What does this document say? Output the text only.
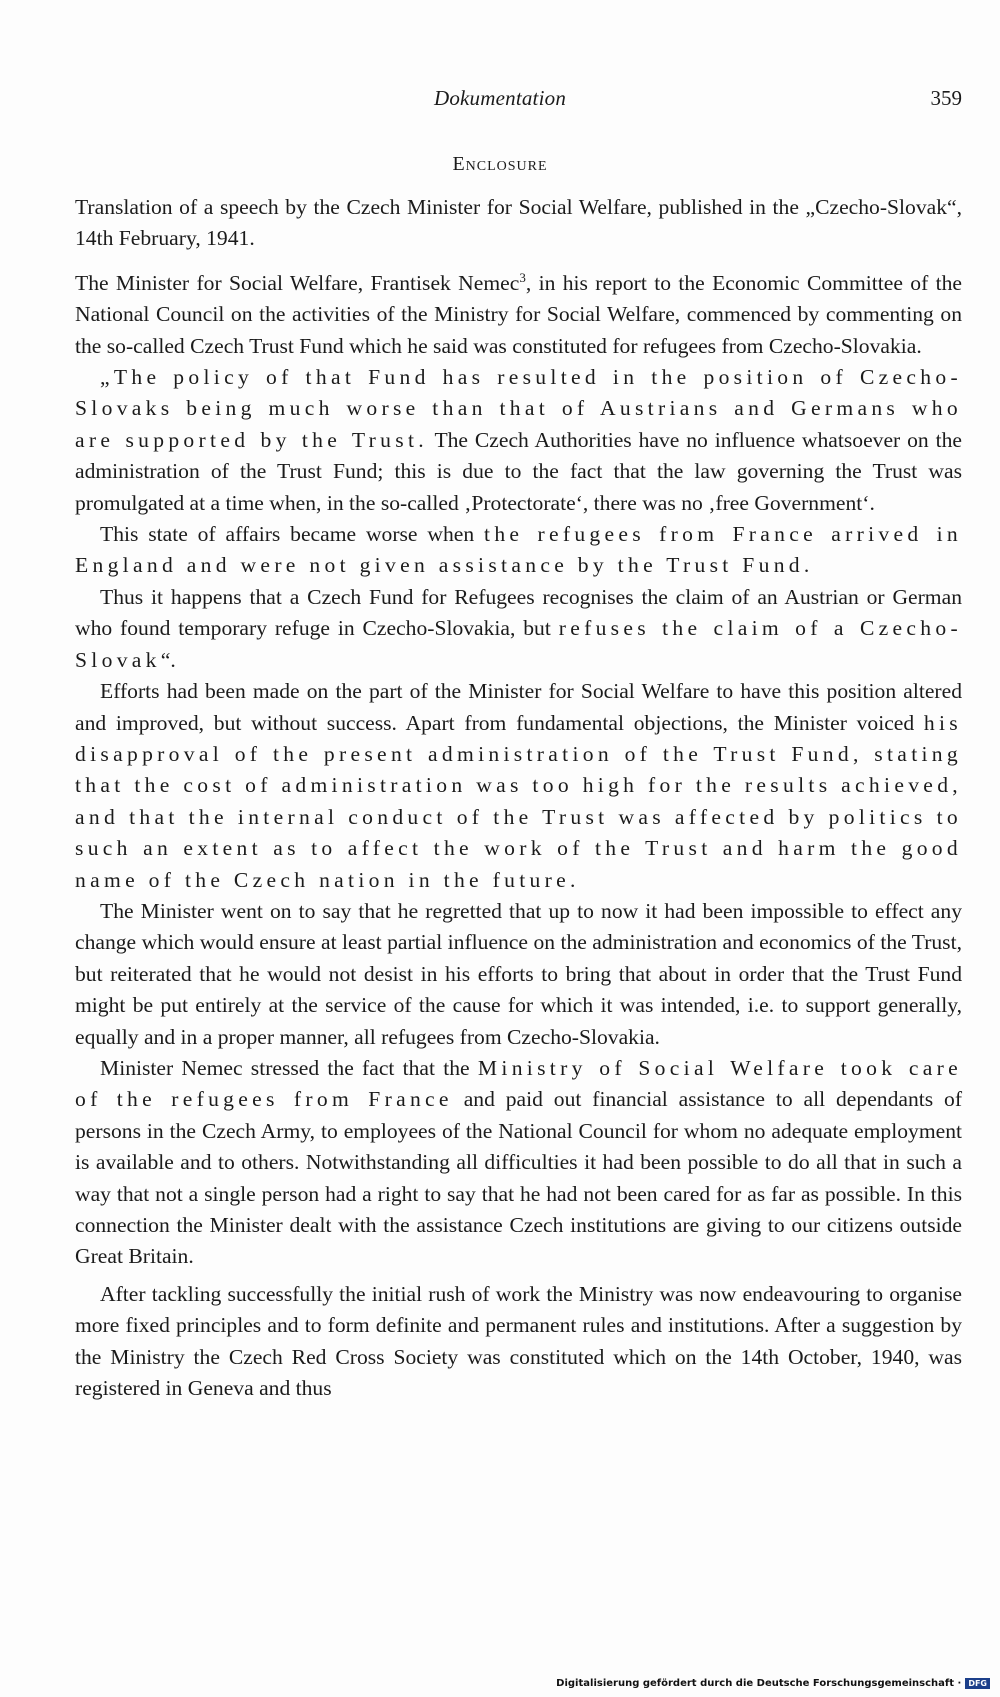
Dokumentation	359
Enclosure

Translation of a speech by the Czech Minister for Social Welfare, published in the „Czecho-Slovak“, 14th February, 1941.

The Minister for Social Welfare, Frantisek Nemec$^3$, in his report to the Economic Committee of the National Council on the activities of the Ministry for Social Welfare, commenced by commenting on the so-called Czech Trust Fund which he said was constituted for refugees from Czecho-Slovakia.

„The policy of that Fund has resulted in the position of Czecho-Slovaks being much worse than that of Austrians and Germans who are supported by the Trust. The Czech Authorities have no influence whatsoever on the administration of the Trust Fund; this is due to the fact that the law governing the Trust was promulgated at a time when, in the so-called ‚Protectorate‘, there was no ‚free Government‘.

This state of affairs became worse when the refugees from France arrived in England and were not given assistance by the Trust Fund.

Thus it happens that a Czech Fund for Refugees recognises the claim of an Austrian or German who found temporary refuge in Czecho-Slovakia, but refuses the claim of a Czecho-Slovak“.

Efforts had been made on the part of the Minister for Social Welfare to have this position altered and improved, but without success. Apart from fundamental objections, the Minister voiced his disapproval of the present administration of the Trust Fund, stating that the cost of administration was too high for the results achieved, and that the internal conduct of the Trust was affected by politics to such an extent as to affect the work of the Trust and harm the good name of the Czech nation in the future.

The Minister went on to say that he regretted that up to now it had been impossible to effect any change which would ensure at least partial influence on the administration and economics of the Trust, but reiterated that he would not desist in his efforts to bring that about in order that the Trust Fund might be put entirely at the service of the cause for which it was intended, i.e. to support generally, equally and in a proper manner, all refugees from Czecho-Slovakia.

Minister Nemec stressed the fact that the Ministry of Social Welfare took care of the refugees from France and paid out financial assistance to all dependants of persons in the Czech Army, to employees of the National Council for whom no adequate employment is available and to others. Notwithstanding all difficulties it had been possible to do all that in such a way that not a single person had a right to say that he had not been cared for as far as possible. In this connection the Minister dealt with the assistance Czech institutions are giving to our citizens outside Great Britain.

After tackling successfully the initial rush of work the Ministry was now endeavouring to organise more fixed principles and to form definite and permanent rules and institutions. After a suggestion by the Ministry the Czech Red Cross Society was constituted which on the 14th October, 1940, was registered in Geneva and thus

Digitalisierung gefördert durch die Deutsche Forschungsgemeinschaft · DFG
